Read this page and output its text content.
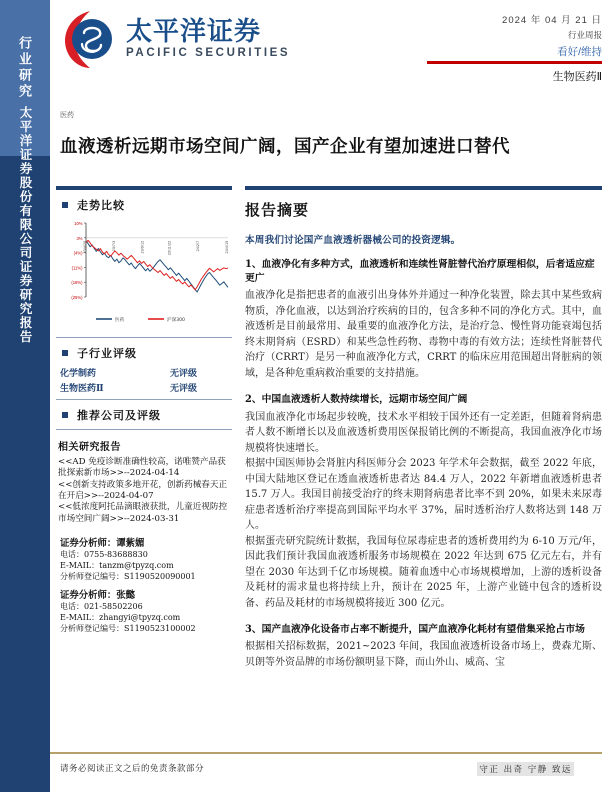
行业研究
太平洋证券股份有限公司证券研究报告
太平洋证券
PACIFIC SECURITIES
2024 年 04 月 21 日
行业周报
看好/维持
生物医药Ⅱ
医药
血液透析远期市场空间广阔，国产企业有望加速进口替代
走势比较
10%
3%
(4%)
(11%)
(18%)
(25%)
23/4/20	23/7/3	23/9/12	23/11/22	24/2/7	24/4/19
医药	沪深300
子行业评级
化学制药	无评级
生物医药Ⅱ	无评级
推荐公司及评级
相关研究报告
<<AD 免疫诊断准确性较高，诺唯赞产品获批探索新市场>>--2024-04-14
<<创新支持政策多地开花，创新药械春天正在开启>>--2024-04-07
<<低浓度阿托品滴眼液获批，儿童近视防控市场空间广阔>>--2024-03-31
证券分析师：谭紫媚
电话：0755-83688830
E-MAIL：tanzm@tpyzq.com
分析师登记编号：S1190520090001
证券分析师：张懿
电话：021-58502206
E-MAIL：zhangyi@tpyzq.com
分析师登记编号：S1190523100002
报告摘要
本周我们讨论国产血液透析器械公司的投资逻辑。
1、血液净化有多种方式，血液透析和连续性肾脏替代治疗原理相似，后者适应症更广
血液净化是指把患者的血液引出身体外并通过一种净化装置，除去其中某些致病物质，净化血液，以达到治疗疾病的目的，包含多种不同的净化方式。其中，血液透析是目前最常用、最重要的血液净化方法，是治疗急、慢性肾功能衰竭包括终末期肾病（ESRD）和某些急性药物、毒物中毒的有效方法；连续性肾脏替代治疗（CRRT）是另一种血液净化方式，CRRT 的临床应用范围超出肾脏病的领域，是各种危重病救治重要的支持措施。
2、中国血液透析人数持续增长，远期市场空间广阔
我国血液净化市场起步较晚，技术水平相较于国外还有一定差距，但随着肾病患者人数不断增长以及血液透析费用医保报销比例的不断提高，我国血液净化市场规模将快速增长。
根据中国医师协会肾脏内科医师分会 2023 年学术年会数据，截至 2022 年底，中国大陆地区登记在透血液透析患者达 84.4 万人，2022 年新增血液透析患者 15.7 万人。我国目前接受治疗的终末期肾病患者比率不到 20%，如果未来尿毒症患者透析治疗率提高到国际平均水平 37%，届时透析治疗人数将达到 148 万人。
根据蛋壳研究院统计数据，我国每位尿毒症患者的透析费用约为 6-10 万元/年，因此我们预计我国血液透析服务市场规模在 2022 年达到 675 亿元左右，并有望在 2030 年达到千亿市场规模。随着血透中心市场规模增加，上游的透析设备及耗材的需求量也将持续上升，预计在 2025 年，上游产业链中包含的透析设备、药品及耗材的市场规模将接近 300 亿元。
3、国产血液净化设备市占率不断提升，国产血液净化耗材有望借集采抢占市场
根据相关招标数据，2021~2023 年间，我国血液透析设备市场上，费森尤斯、贝朗等外资品牌的市场份额明显下降，而山外山、威高、宝
请务必阅读正文之后的免责条款部分	守正 出奇 宁静 致远
